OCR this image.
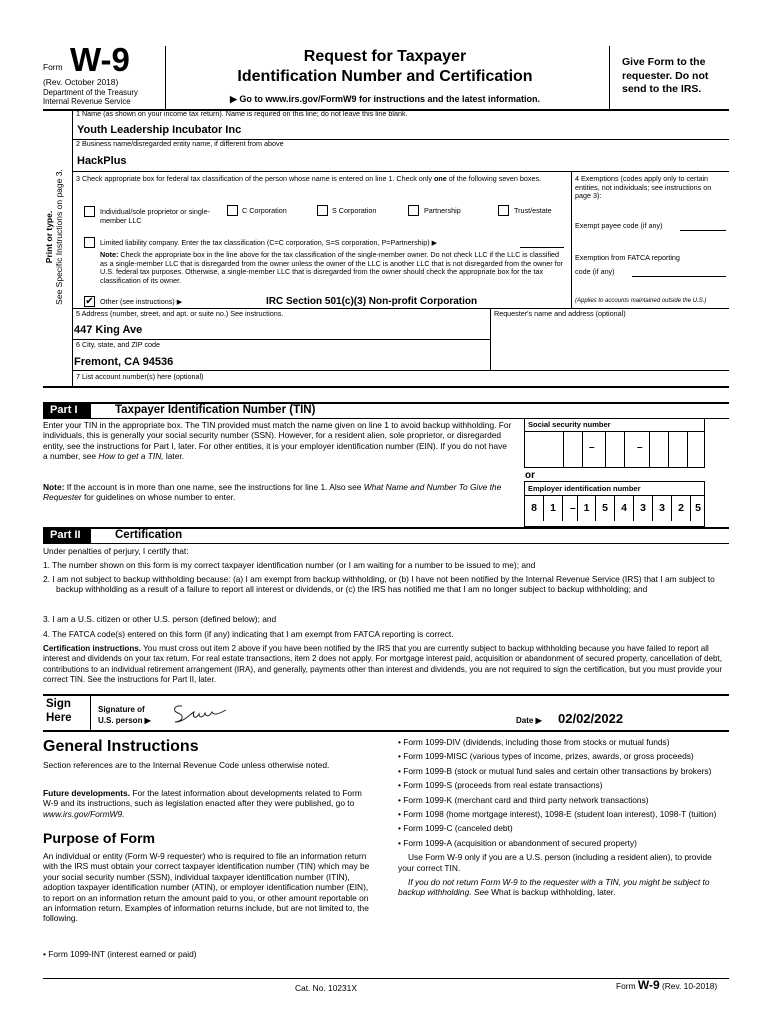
Form W-9
(Rev. October 2018)
Department of the Treasury
Internal Revenue Service
Request for Taxpayer
Identification Number and Certification
▶ Go to www.irs.gov/FormW9 for instructions and the latest information.
Give Form to the requester. Do not send to the IRS.
Print or type. See Specific Instructions on page 3.
1 Name (as shown on your income tax return). Name is required on this line; do not leave this line blank.
Youth Leadership Incubator Inc
2 Business name/disregarded entity name, if different from above
HackPlus
3 Check appropriate box for federal tax classification of the person whose name is entered on line 1. Check only one of the following seven boxes.
Individual/sole proprietor or single-member LLC
C Corporation	S Corporation	Partnership	Trust/estate
Limited liability company. Enter the tax classification (C=C corporation, S=S corporation, P=Partnership) ▶
Note: Check the appropriate box in the line above for the tax classification of the single-member owner. Do not check LLC if the LLC is classified as a single-member LLC that is disregarded from the owner unless the owner of the LLC is another LLC that is not disregarded from the owner for U.S. federal tax purposes. Otherwise, a single-member LLC that is disregarded from the owner should check the appropriate box for the tax classification of its owner.
✔ Other (see instructions) ▶	IRC Section 501(c)(3) Non-profit Corporation
4 Exemptions (codes apply only to certain entities, not individuals; see instructions on page 3):
Exempt payee code (if any)
Exemption from FATCA reporting
code (if any)
(Applies to accounts maintained outside the U.S.)
5 Address (number, street, and apt. or suite no.) See instructions.	Requester's name and address (optional)
447 King Ave
6 City, state, and ZIP code
Fremont, CA 94536
7 List account number(s) here (optional)
Part I	Taxpayer Identification Number (TIN)
Enter your TIN in the appropriate box. The TIN provided must match the name given on line 1 to avoid backup withholding. For individuals, this is generally your social security number (SSN). However, for a resident alien, sole proprietor, or disregarded entity, see the instructions for Part I, later. For other entities, it is your employer identification number (EIN). If you do not have a number, see How to get a TIN, later.
Note: If the account is in more than one name, see the instructions for line 1. Also see What Name and Number To Give the Requester for guidelines on whose number to enter.
Social security number
–	–
or
Employer identification number
8	1	– 1	5	4	3	3	2	5
Part II	Certification
Under penalties of perjury, I certify that:
1. The number shown on this form is my correct taxpayer identification number (or I am waiting for a number to be issued to me); and
2. I am not subject to backup withholding because: (a) I am exempt from backup withholding, or (b) I have not been notified by the Internal Revenue Service (IRS) that I am subject to backup withholding as a result of a failure to report all interest or dividends, or (c) the IRS has notified me that I am no longer subject to backup withholding; and
3. I am a U.S. citizen or other U.S. person (defined below); and
4. The FATCA code(s) entered on this form (if any) indicating that I am exempt from FATCA reporting is correct.
Certification instructions. You must cross out item 2 above if you have been notified by the IRS that you are currently subject to backup withholding because you have failed to report all interest and dividends on your tax return. For real estate transactions, item 2 does not apply. For mortgage interest paid, acquisition or abandonment of secured property, cancellation of debt, contributions to an individual retirement arrangement (IRA), and generally, payments other than interest and dividends, you are not required to sign the certification, but you must provide your correct TIN. See the instructions for Part II, later.
Sign
Here
Signature of
U.S. person ▶	Date ▶ 02/02/2022
General Instructions
Section references are to the Internal Revenue Code unless otherwise noted.
Future developments. For the latest information about developments related to Form W-9 and its instructions, such as legislation enacted after they were published, go to www.irs.gov/FormW9.
Purpose of Form
An individual or entity (Form W-9 requester) who is required to file an information return with the IRS must obtain your correct taxpayer identification number (TIN) which may be your social security number (SSN), individual taxpayer identification number (ITIN), adoption taxpayer identification number (ATIN), or employer identification number (EIN), to report on an information return the amount paid to you, or other amount reportable on an information return. Examples of information returns include, but are not limited to, the following.
• Form 1099-INT (interest earned or paid)
• Form 1099-DIV (dividends, including those from stocks or mutual funds)
• Form 1099-MISC (various types of income, prizes, awards, or gross proceeds)
• Form 1099-B (stock or mutual fund sales and certain other transactions by brokers)
• Form 1099-S (proceeds from real estate transactions)
• Form 1099-K (merchant card and third party network transactions)
• Form 1098 (home mortgage interest), 1098-E (student loan interest), 1098-T (tuition)
• Form 1099-C (canceled debt)
• Form 1099-A (acquisition or abandonment of secured property)
Use Form W-9 only if you are a U.S. person (including a resident alien), to provide your correct TIN.
If you do not return Form W-9 to the requester with a TIN, you might be subject to backup withholding. See What is backup withholding, later.
Cat. No. 10231X	Form W-9 (Rev. 10-2018)
